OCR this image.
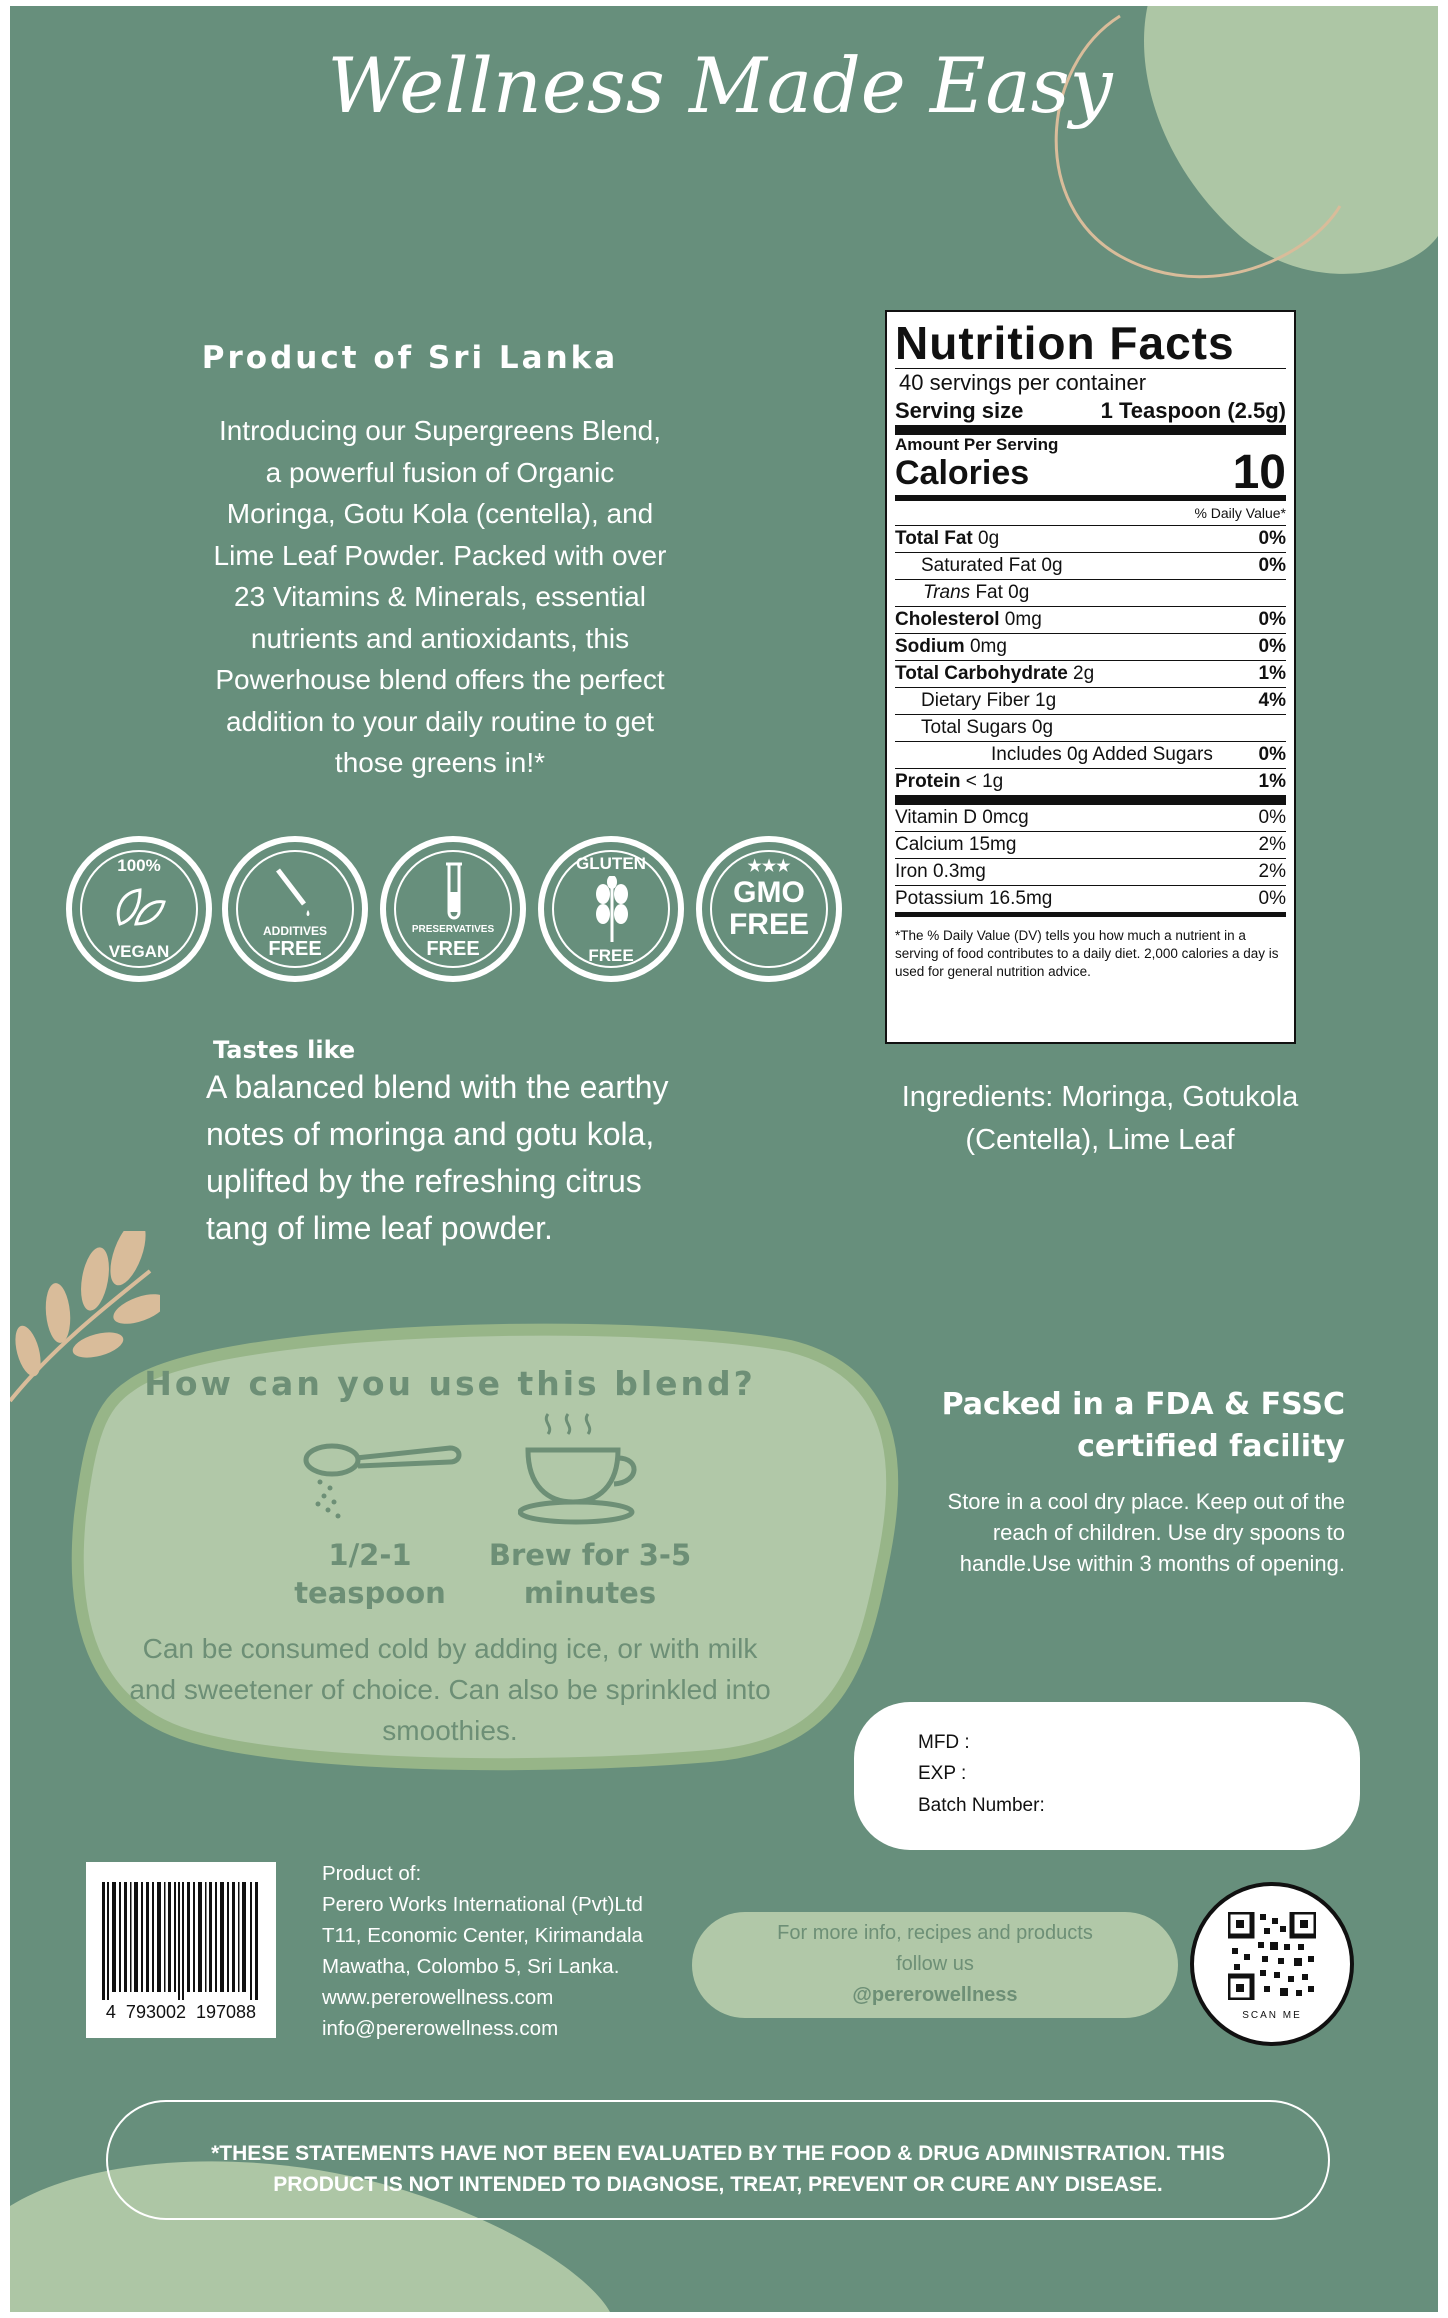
Wellness Made Easy
Product of Sri Lanka
Introducing our Supergreens Blend,
a powerful fusion of Organic
Moringa, Gotu Kola (centella), and
Lime Leaf Powder. Packed with over
23 Vitamins & Minerals, essential
nutrients and antioxidants, this
Powerhouse blend offers the perfect
addition to your daily routine to get
those greens in!*
100%
VEGAN
ADDITIVES
FREE
PRESERVATIVES
FREE
GLUTEN
FREE
★★★
GMO
FREE
Tastes like
A balanced blend with the earthy
notes of moringa and gotu kola,
uplifted by the refreshing citrus
tang of lime leaf powder.
Nutrition Facts
40 servings per container
Serving size	1 Teaspoon (2.5g)
Amount Per Serving
Calories	10
% Daily Value*
Total Fat 0g	0%
Saturated Fat 0g	0%
Trans Fat 0g
Cholesterol 0mg	0%
Sodium 0mg	0%
Total Carbohydrate 2g	1%
Dietary Fiber 1g	4%
Total Sugars 0g
Includes 0g Added Sugars 0%
Protein < 1g	1%
Vitamin D 0mcg	0%
Calcium 15mg	2%
Iron 0.3mg	2%
Potassium 16.5mg	0%
*The % Daily Value (DV) tells you how much a nutrient in a serving of food contributes to a daily diet. 2,000 calories a day is used for general nutrition advice.
Ingredients: Moringa, Gotukola
(Centella), Lime Leaf
How can you use this blend?
1/2-1
teaspoon
Brew for 3-5
minutes
Can be consumed cold by adding ice, or with milk
and sweetener of choice. Can also be sprinkled into
smoothies.
Packed in a FDA & FSSC
certified facility
Store in a cool dry place. Keep out of the
reach of children. Use dry spoons to
handle.Use within 3 months of opening.
MFD :
EXP :
Batch Number:
4  793002  197088
Product of:
Perero Works International (Pvt)Ltd
T11, Economic Center, Kirimandala
Mawatha, Colombo 5, Sri Lanka.
www.pererowellness.com
info@pererowellness.com
For more info, recipes and products
follow us
@pererowellness
SCAN ME
*THESE STATEMENTS HAVE NOT BEEN EVALUATED BY THE FOOD & DRUG ADMINISTRATION. THIS
PRODUCT IS NOT INTENDED TO DIAGNOSE, TREAT, PREVENT OR CURE ANY DISEASE.
